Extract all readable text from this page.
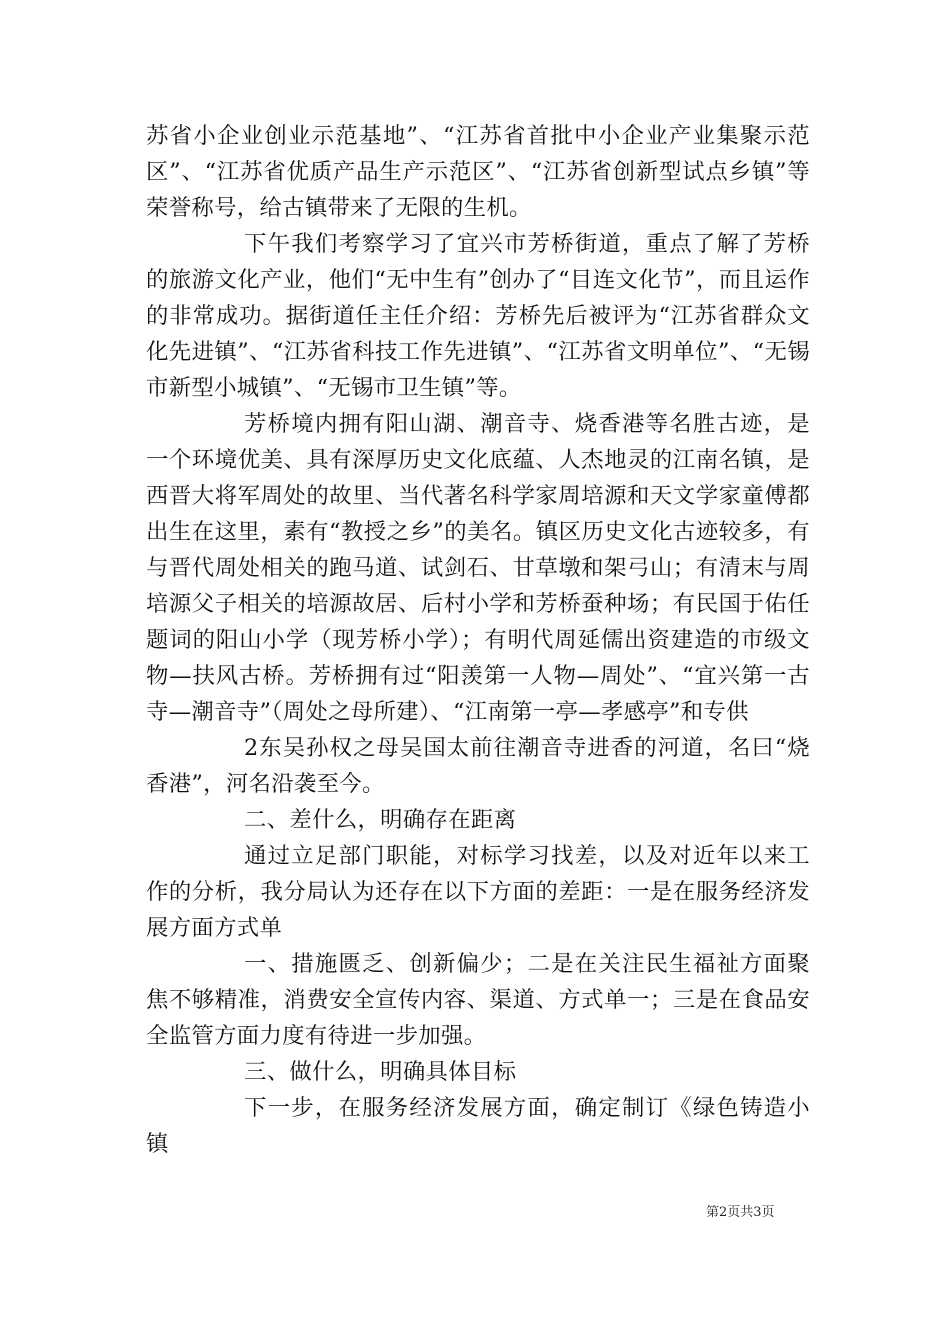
苏省小企业创业示范基地”、“江苏省首批中小企业产业集聚示范区”、“江苏省优质产品生产示范区”、“江苏省创新型试点乡镇”等荣誉称号，给古镇带来了无限的生机。

下午我们考察学习了宜兴市芳桥街道，重点了解了芳桥的旅游文化产业，他们“无中生有”创办了“目连文化节”，而且运作的非常成功。据街道任主任介绍：芳桥先后被评为“江苏省群众文化先进镇”、“江苏省科技工作先进镇”、“江苏省文明单位”、“无锡市新型小城镇”、“无锡市卫生镇”等。

芳桥境内拥有阳山湖、潮音寺、烧香港等名胜古迹，是一个环境优美、具有深厚历史文化底蕴、人杰地灵的江南名镇，是西晋大将军周处的故里、当代著名科学家周培源和天文学家童傅都出生在这里，素有“教授之乡”的美名。镇区历史文化古迹较多，有与晋代周处相关的跑马道、试剑石、甘草墩和架弓山；有清末与周培源父子相关的培源故居、后村小学和芳桥蚕种场；有民国于佑任题词的阳山小学（现芳桥小学）；有明代周延儒出资建造的市级文物—扶风古桥。芳桥拥有过“阳羡第一人物—周处”、“宜兴第一古寺—潮音寺”（周处之母所建）、“江南第一亭—孝感亭”和专供

2东吴孙权之母吴国太前往潮音寺进香的河道，名曰“烧香港”，河名沿袭至今。

二、差什么，明确存在距离

通过立足部门职能，对标学习找差，以及对近年以来工作的分析，我分局认为还存在以下方面的差距：一是在服务经济发展方面方式单

一、措施匮乏、创新偏少；二是在关注民生福祉方面聚焦不够精准，消费安全宣传内容、渠道、方式单一；三是在食品安全监管方面力度有待进一步加强。

三、做什么，明确具体目标

下一步，在服务经济发展方面，确定制订《绿色铸造小镇

第2页共3页
